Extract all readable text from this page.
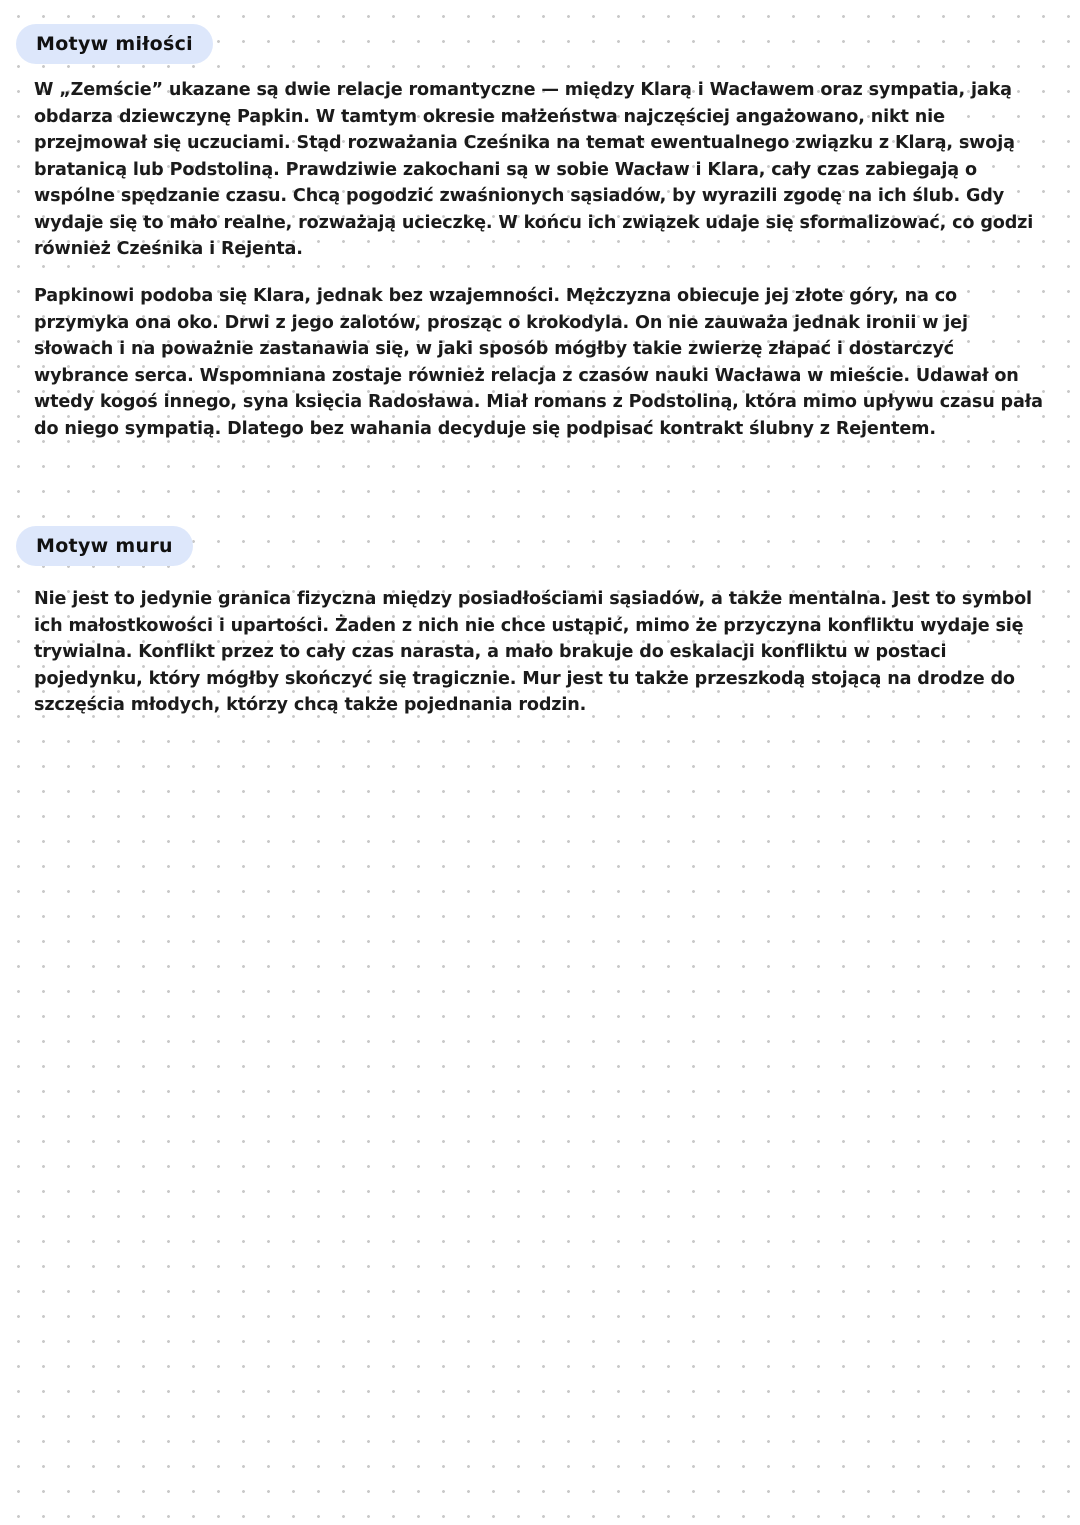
Motyw miłości

W „Zemście” ukazane są dwie relacje romantyczne — między Klarą i Wacławem oraz sympatia, jaką obdarza dziewczynę Papkin. W tamtym okresie małżeństwa najczęściej angażowano, nikt nie przejmował się uczuciami. Stąd rozważania Cześnika na temat ewentualnego związku z Klarą, swoją bratanicą lub Podstoliną. Prawdziwie zakochani są w sobie Wacław i Klara, cały czas zabiegają o wspólne spędzanie czasu. Chcą pogodzić zwaśnionych sąsiadów, by wyrazili zgodę na ich ślub. Gdy wydaje się to mało realne, rozważają ucieczkę. W końcu ich związek udaje się sformalizować, co godzi również Cześnika i Rejenta.

Papkinowi podoba się Klara, jednak bez wzajemności. Mężczyzna obiecuje jej złote góry, na co przymyka ona oko. Drwi z jego zalotów, prosząc o krokodyla. On nie zauważa jednak ironii w jej słowach i na poważnie zastanawia się, w jaki sposób mógłby takie zwierzę złapać i dostarczyć wybrance serca. Wspomniana zostaje również relacja z czasów nauki Wacława w mieście. Udawał on wtedy kogoś innego, syna księcia Radosława. Miał romans z Podstoliną, która mimo upływu czasu pała do niego sympatią. Dlatego bez wahania decyduje się podpisać kontrakt ślubny z Rejentem.

Motyw muru

Nie jest to jedynie granica fizyczna między posiadłościami sąsiadów, a także mentalna. Jest to symbol ich małostkowości i upartości. Żaden z nich nie chce ustąpić, mimo że przyczyna konfliktu wydaje się trywialna. Konflikt przez to cały czas narasta, a mało brakuje do eskalacji konfliktu w postaci pojedynku, który mógłby skończyć się tragicznie. Mur jest tu także przeszkodą stojącą na drodze do szczęścia młodych, którzy chcą także pojednania rodzin.
